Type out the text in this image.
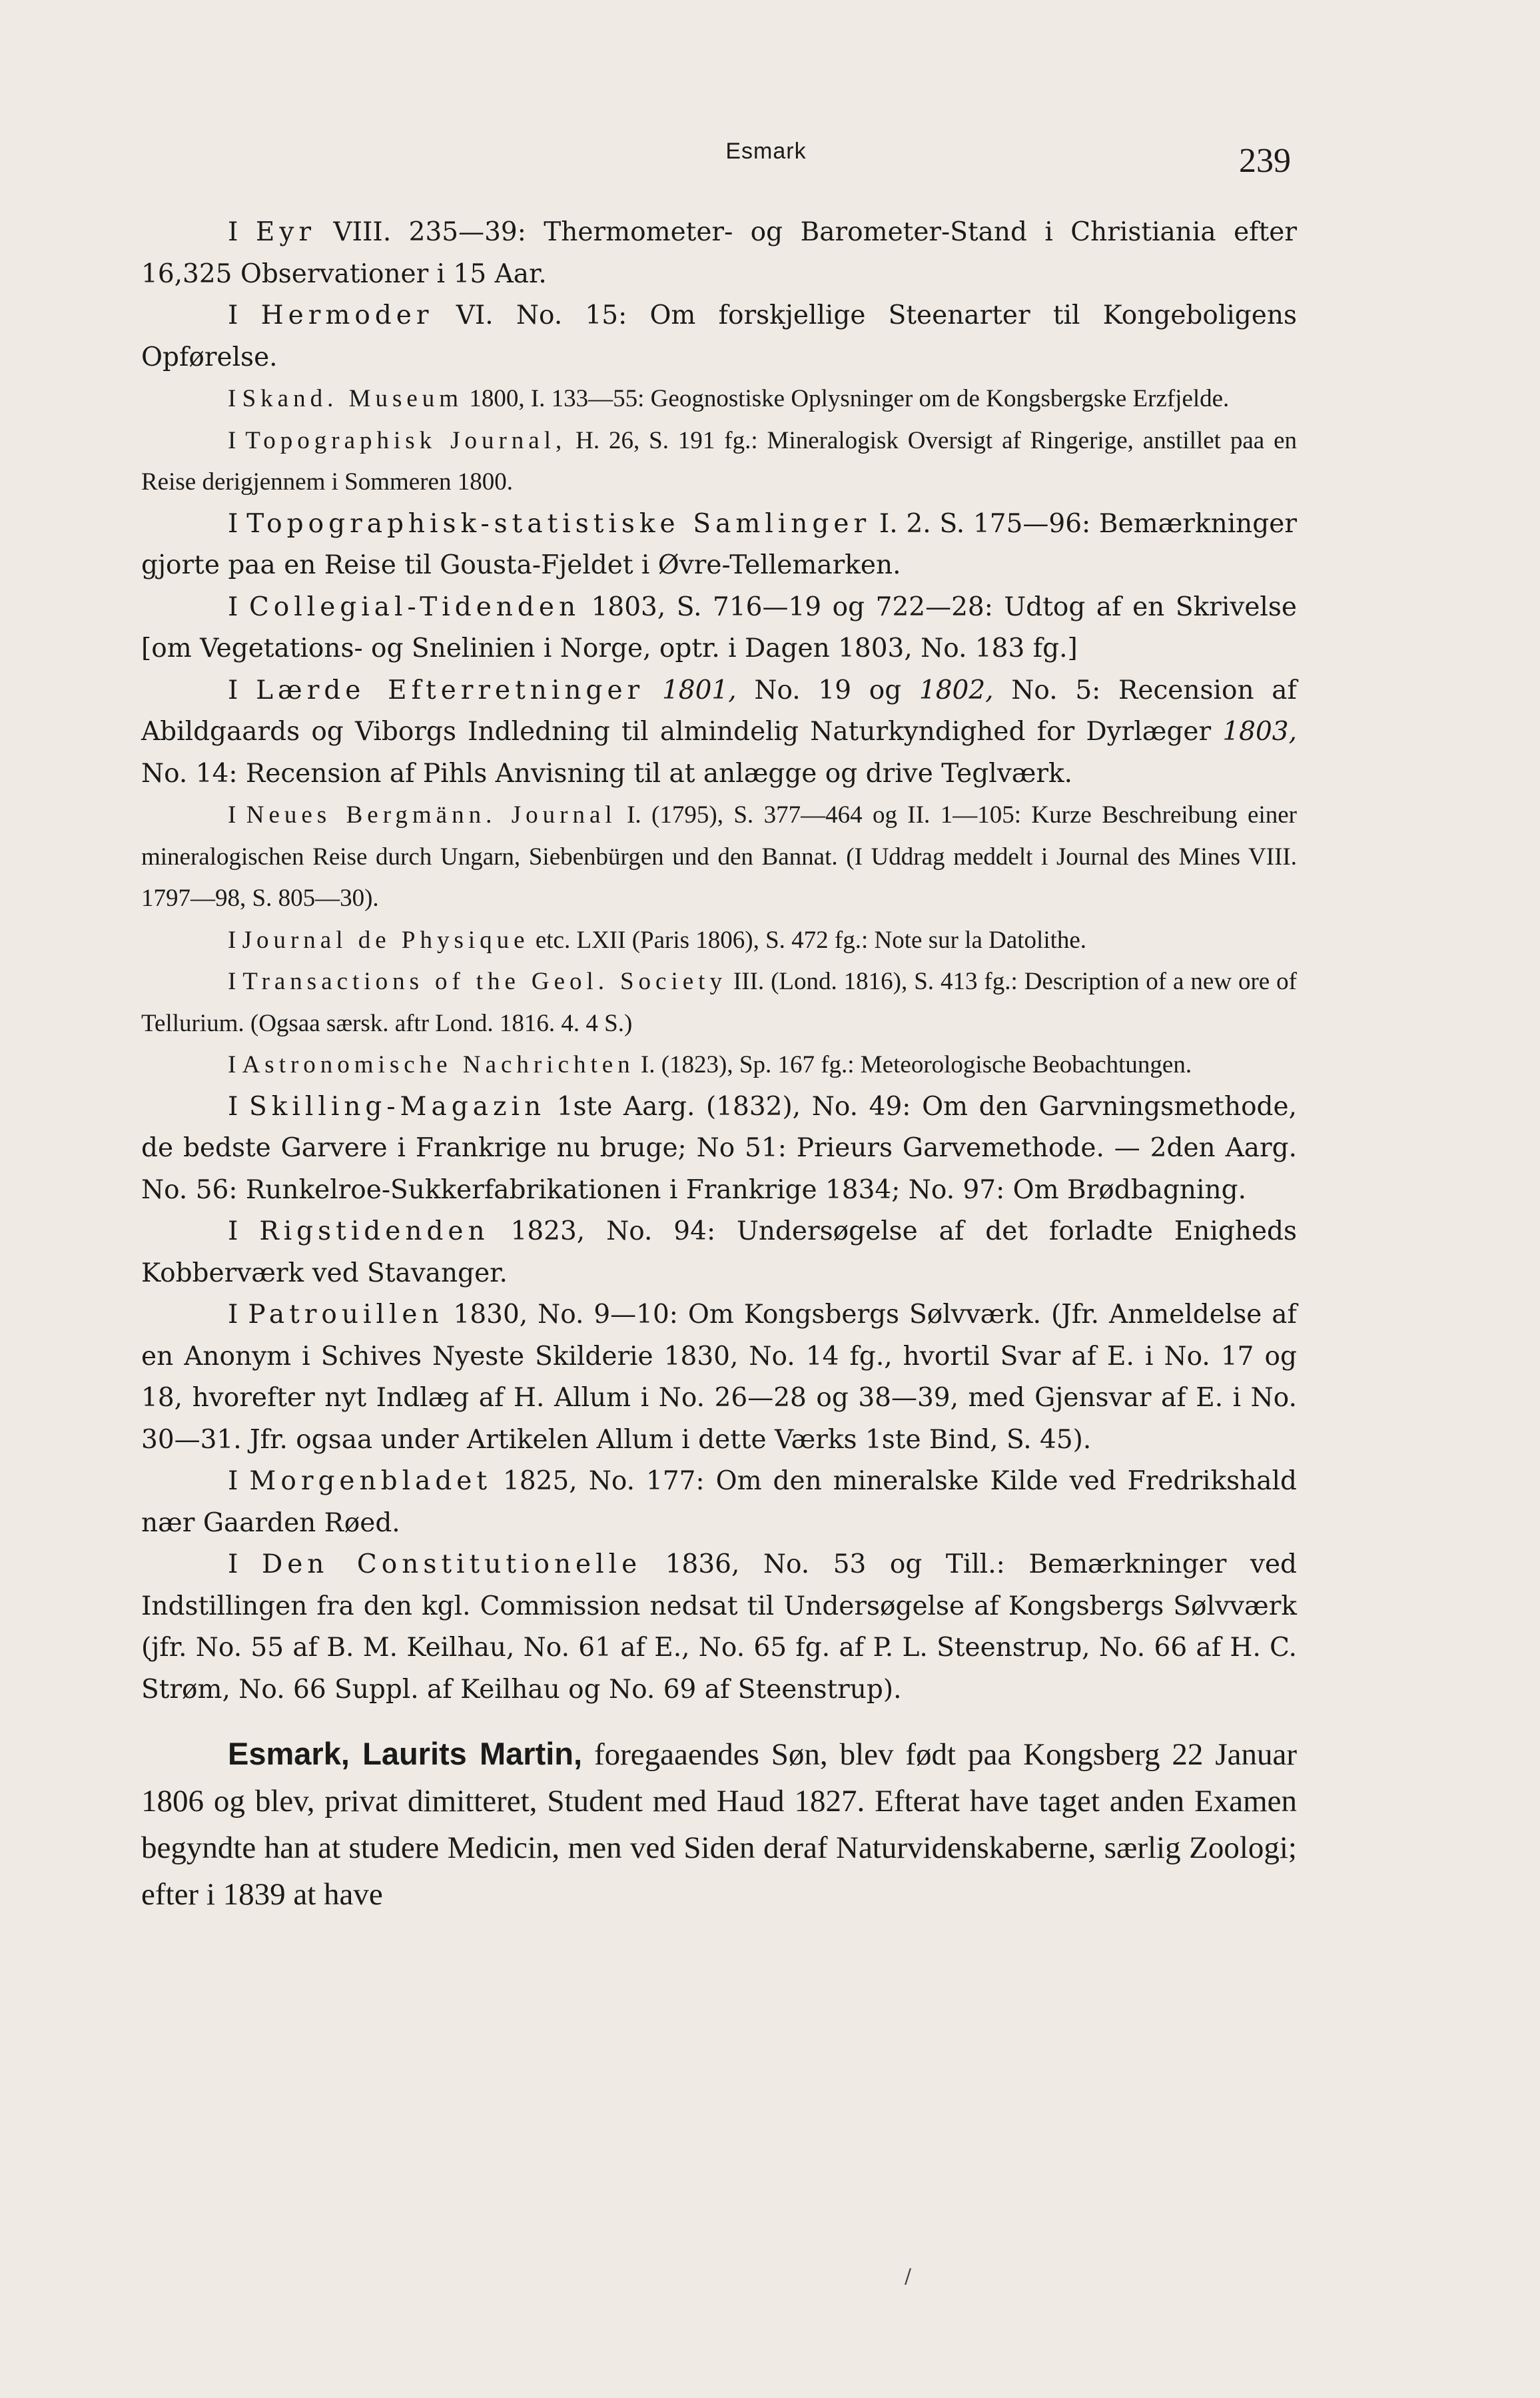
Esmark	239

I Eyr VIII. 235—39: Thermometer- og Barometer-Stand i Christiania efter 16,325 Observationer i 15 Aar.

I Hermoder VI. No. 15: Om forskjellige Steenarter til Kongeboligens Opførelse.

I Skand. Museum 1800, I. 133—55: Geognostiske Oplysninger om de Kongsbergske Erzfjelde.

I Topographisk Journal, H. 26, S. 191 fg.: Mineralogisk Oversigt af Ringerige, anstillet paa en Reise derigjennem i Sommeren 1800.

I Topographisk-statistiske Samlinger I. 2. S. 175—96: Bemærkninger gjorte paa en Reise til Gousta-Fjeldet i Øvre-Tellemarken.

I Collegial-Tidenden 1803, S. 716—19 og 722—28: Udtog af en Skrivelse [om Vegetations- og Snelinien i Norge, optr. i Dagen 1803, No. 183 fg.]

I Lærde Efterretninger 1801, No. 19 og 1802, No. 5: Recension af Abildgaards og Viborgs Indledning til almindelig Naturkyndighed for Dyrlæger 1803, No. 14: Recension af Pihls Anvisning til at anlægge og drive Teglværk.

I Neues Bergmänn. Journal I. (1795), S. 377—464 og II. 1—105: Kurze Beschreibung einer mineralogischen Reise durch Ungarn, Siebenbürgen und den Bannat. (I Uddrag meddelt i Journal des Mines VIII. 1797—98, S. 805—30).

I Journal de Physique etc. LXII (Paris 1806), S. 472 fg.: Note sur la Datolithe.

I Transactions of the Geol. Society III. (Lond. 1816), S. 413 fg.: Description of a new ore of Tellurium. (Ogsaa særsk. aftr Lond. 1816. 4. 4 S.)

I Astronomische Nachrichten I. (1823), Sp. 167 fg.: Meteorologische Beobachtungen.

I Skilling-Magazin 1ste Aarg. (1832), No. 49: Om den Garvningsmethode, de bedste Garvere i Frankrige nu bruge; No 51: Prieurs Garvemethode. — 2den Aarg. No. 56: Runkelroe-Sukkerfabrikationen i Frankrige 1834; No. 97: Om Brødbagning.

I Rigstidenden 1823, No. 94: Undersøgelse af det forladte Enigheds Kobberværk ved Stavanger.

I Patrouillen 1830, No. 9—10: Om Kongsbergs Sølvværk. (Jfr. Anmeldelse af en Anonym i Schives Nyeste Skilderie 1830, No. 14 fg., hvortil Svar af E. i No. 17 og 18, hvorefter nyt Indlæg af H. Allum i No. 26—28 og 38—39, med Gjensvar af E. i No. 30—31. Jfr. ogsaa under Artikelen Allum i dette Værks 1ste Bind, S. 45).

I Morgenbladet 1825, No. 177: Om den mineralske Kilde ved Fredrikshald nær Gaarden Røed.

I Den Constitutionelle 1836, No. 53 og Till.: Bemærkninger ved Indstillingen fra den kgl. Commission nedsat til Undersøgelse af Kongsbergs Sølvværk (jfr. No. 55 af B. M. Keilhau, No. 61 af E., No. 65 fg. af P. L. Steenstrup, No. 66 af H. C. Strøm, No. 66 Suppl. af Keilhau og No. 69 af Steenstrup).

Esmark, Laurits Martin, foregaaendes Søn, blev født paa Kongsberg 22 Januar 1806 og blev, privat dimitteret, Student med Haud 1827. Efterat have taget anden Examen begyndte han at studere Medicin, men ved Siden deraf Naturvidenskaberne, særlig Zoologi; efter i 1839 at have

/
